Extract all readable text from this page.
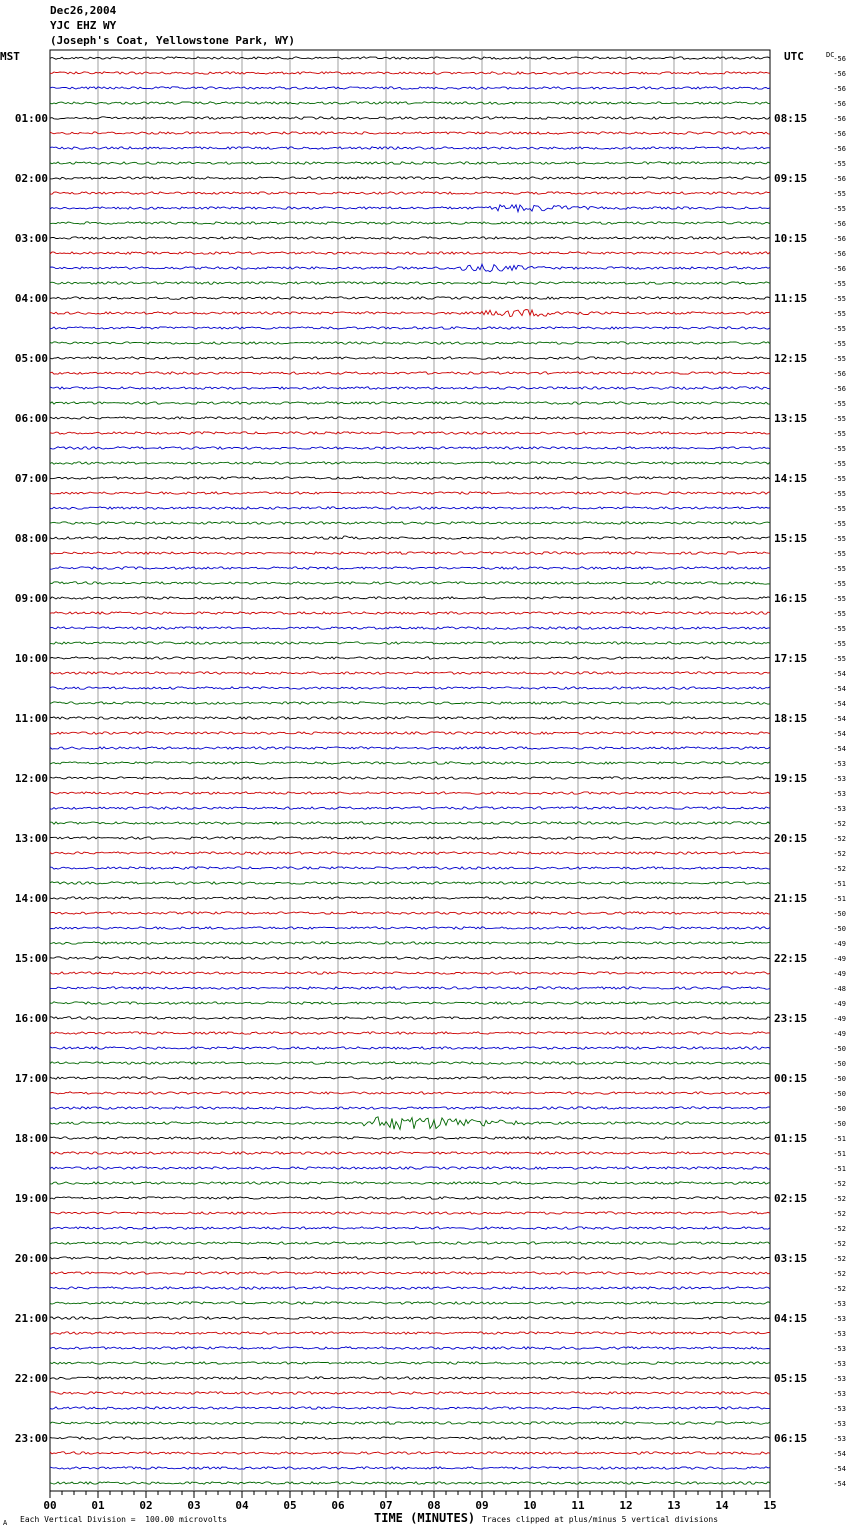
Dec26,2004
YJC EHZ WY
(Joseph's Coat, Yellowstone Park, WY)
-56
-56
-56
-56
-56
-56
-56
-55
-56
-55
-55
-56
-56
-56
-56
-55
-55
-55
-55
-55
-55
-56
-56
-55
-55
-55
-55
-55
-55
-55
-55
-55
-55
-55
-55
-55
-55
-55
-55
-55
-55
-54
-54
-54
-54
-54
-54
-53
-53
-53
-53
-52
-52
-52
-52
-51
-51
-50
-50
-49
-49
-49
-48
-49
-49
-49
-50
-50
-50
-50
-50
-50
-51
-51
-51
-52
-52
-52
-52
-52
-52
-52
-52
-53
-53
-53
-53
-53
-53
-53
-53
-53
-53
-54
-54
-54
01:00	08:15
02:00	09:15
03:00	10:15
04:00	11:15
05:00	12:15
06:00	13:15
07:00	14:15
08:00	15:15
09:00	16:15
10:00	17:15
11:00	18:15
12:00	19:15
13:00	20:15
14:00	21:15
15:00	22:15
16:00	23:15
17:00	00:15
18:00	01:15
19:00	02:15
20:00	03:15
21:00	04:15
22:00	05:15
23:00	06:15
MST	UTC	DC
00	01	02	03	04	05	06	07	08	09	10	11	12	13	14	15
A Each Vertical Division =  100.00 microvolts	TIME (MINUTES) Traces clipped at plus/minus 5 vertical divisions
